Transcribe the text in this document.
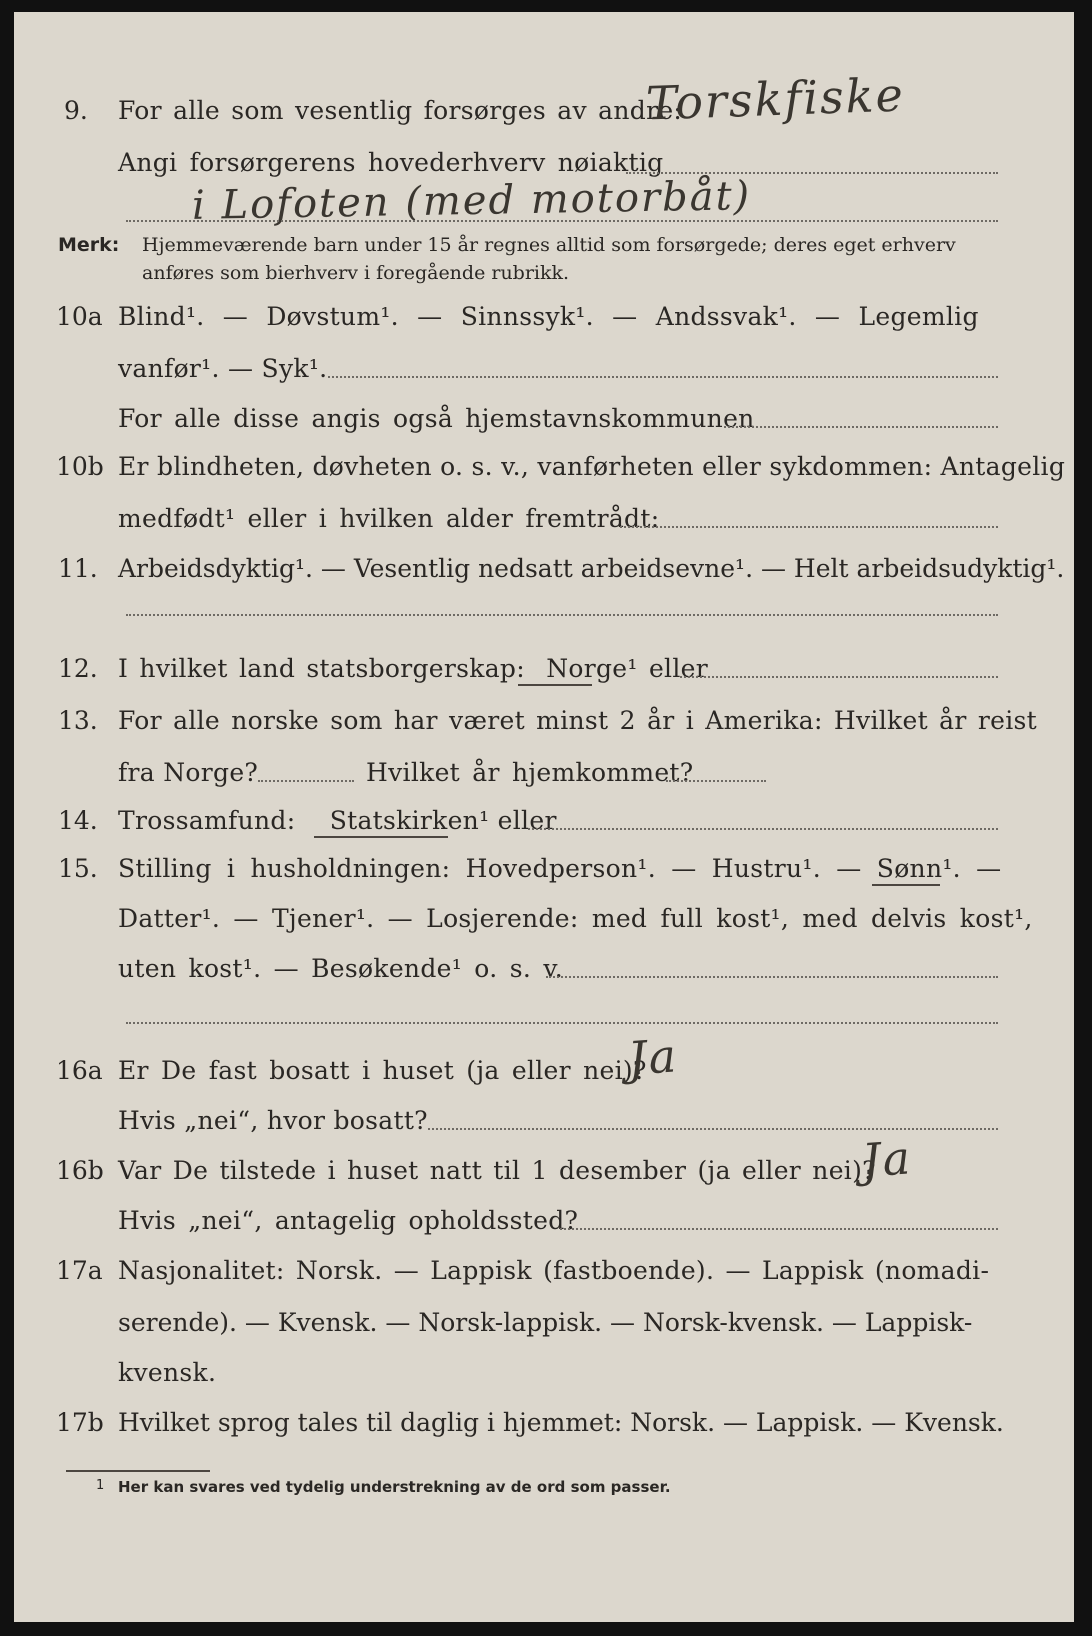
9. For alle som vesentlig forsørges av andre:
Torskfiske
Angi forsørgerens hovederhverv nøiaktig
i Lofoten (med motorbåt)
Merk: Hjemmeværende barn under 15 år regnes alltid som forsørgede; deres eget erhverv
anføres som bierhverv i foregående rubrikk.
10a Blind¹. — Døvstum¹. — Sinnssyk¹. — Andssvak¹. — Legemlig
vanfør¹. — Syk¹.
For alle disse angis også hjemstavnskommunen
10b Er blindheten, døvheten o. s. v., vanførheten eller sykdommen: Antagelig
medfødt¹ eller i hvilken alder fremtrådt:
11. Arbeidsdyktig¹. — Vesentlig nedsatt arbeidsevne¹. — Helt arbeidsudyktig¹.
12. I hvilket land statsborgerskap: Norge¹ eller
13. For alle norske som har været minst 2 år i Amerika: Hvilket år reist
fra Norge?	Hvilket år hjemkommet?
14. Trossamfund: Statskirken¹ eller
15. Stilling i husholdningen: Hovedperson¹. — Hustru¹. — Sønn¹. —
Datter¹. — Tjener¹. — Losjerende: med full kost¹, med delvis kost¹,
uten kost¹. — Besøkende¹ o. s. v.
16a Er De fast bosatt i huset (ja eller nei)?
Ja
Hvis „nei“, hvor bosatt?
16b Var De tilstede i huset natt til 1 desember (ja eller nei)?
Ja
Hvis „nei“, antagelig opholdssted?
17a Nasjonalitet: Norsk. — Lappisk (fastboende). — Lappisk (nomadi-
serende). — Kvensk. — Norsk-lappisk. — Norsk-kvensk. — Lappisk-
kvensk.
17b Hvilket sprog tales til daglig i hjemmet: Norsk. — Lappisk. — Kvensk.
1 Her kan svares ved tydelig understrekning av de ord som passer.
